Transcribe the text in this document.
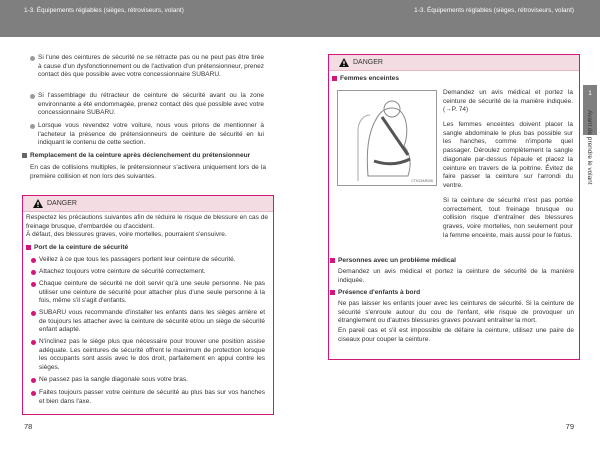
1-3. Équipements réglables (sièges, rétroviseurs, volant)	1-3. Équipements réglables (sièges, rétroviseurs, volant)
1
Avant de prendre le volant
Si l'une des ceintures de sécurité ne se rétracte pas ou ne peut pas être tirée à cause d'un dysfonctionnement ou de l'activation d'un prétensionneur, prenez contact dès que possible avec votre concessionnaire SUBARU.
Si l'assemblage du rétracteur de ceinture de sécurité avant ou la zone environnante a été endommagée, prenez contact dès que possible avec votre concessionnaire SUBARU.
Lorsque vous revendez votre voiture, nous vous prions de mentionner à l'acheteur la présence de prétensionneurs de ceinture de sécurité en lui indiquant le contenu de cette section.
Remplacement de la ceinture après déclenchement du prétensionneur
En cas de collisions multiples, le prétensionneur s'activera uniquement lors de la première collision et non lors des suivantes.
DANGER
Respectez les précautions suivantes afin de réduire le risque de blessure en cas de freinage brusque, d'embardée ou d'accident.
À défaut, des blessures graves, voire mortelles, pourraient s'ensuivre.
Port de la ceinture de sécurité
Veillez à ce que tous les passagers portent leur ceinture de sécurité.
Attachez toujours votre ceinture de sécurité correctement.
Chaque ceinture de sécurité ne doit servir qu'à une seule personne. Ne pas utiliser une ceinture de sécurité pour attacher plus d'une seule personne à la fois, même s'il s'agit d'enfants.
SUBARU vous recommande d'installer les enfants dans les sièges arrière et de toujours les attacher avec la ceinture de sécurité et/ou un siège de sécurité enfant adapté.
N'inclinez pas le siège plus que nécessaire pour trouver une position assise adéquate. Les ceintures de sécurité offrent le maximum de protection lorsque les occupants sont assis avec le dos droit, parfaitement en appui contre les sièges.
Ne passez pas la sangle diagonale sous votre bras.
Faites toujours passer votre ceinture de sécurité au plus bas sur vos hanches et bien dans l'axe.
DANGER
Femmes enceintes
Demandez un avis médical et portez la ceinture de sécurité de la manière indiquée. (→P. 74)
Les femmes enceintes doivent placer la sangle abdominale le plus bas possible sur les hanches, comme n'importe quel passager. Déroulez complètement la sangle diagonale par-dessus l'épaule et placez la ceinture en travers de la poitrine. Évitez de faire passer la ceinture sur l'arrondi du ventre.
Si la ceinture de sécurité n'est pas portée correctement, tout freinage brusque ou collision risque d'entraîner des blessures graves, voire mortelles, non seulement pour la femme enceinte, mais aussi pour le fœtus.
CTH13AR006
Personnes avec un problème médical
Demandez un avis médical et portez la ceinture de sécurité de la manière indiquée.
Présence d'enfants à bord
Ne pas laisser les enfants jouer avec les ceintures de sécurité. Si la ceinture de sécurité s'enroule autour du cou de l'enfant, elle risque de provoquer un étranglement ou d'autres blessures graves pouvant entraîner la mort.
En pareil cas et s'il est impossible de défaire la ceinture, utilisez une paire de ciseaux pour couper la ceinture.
78	79
